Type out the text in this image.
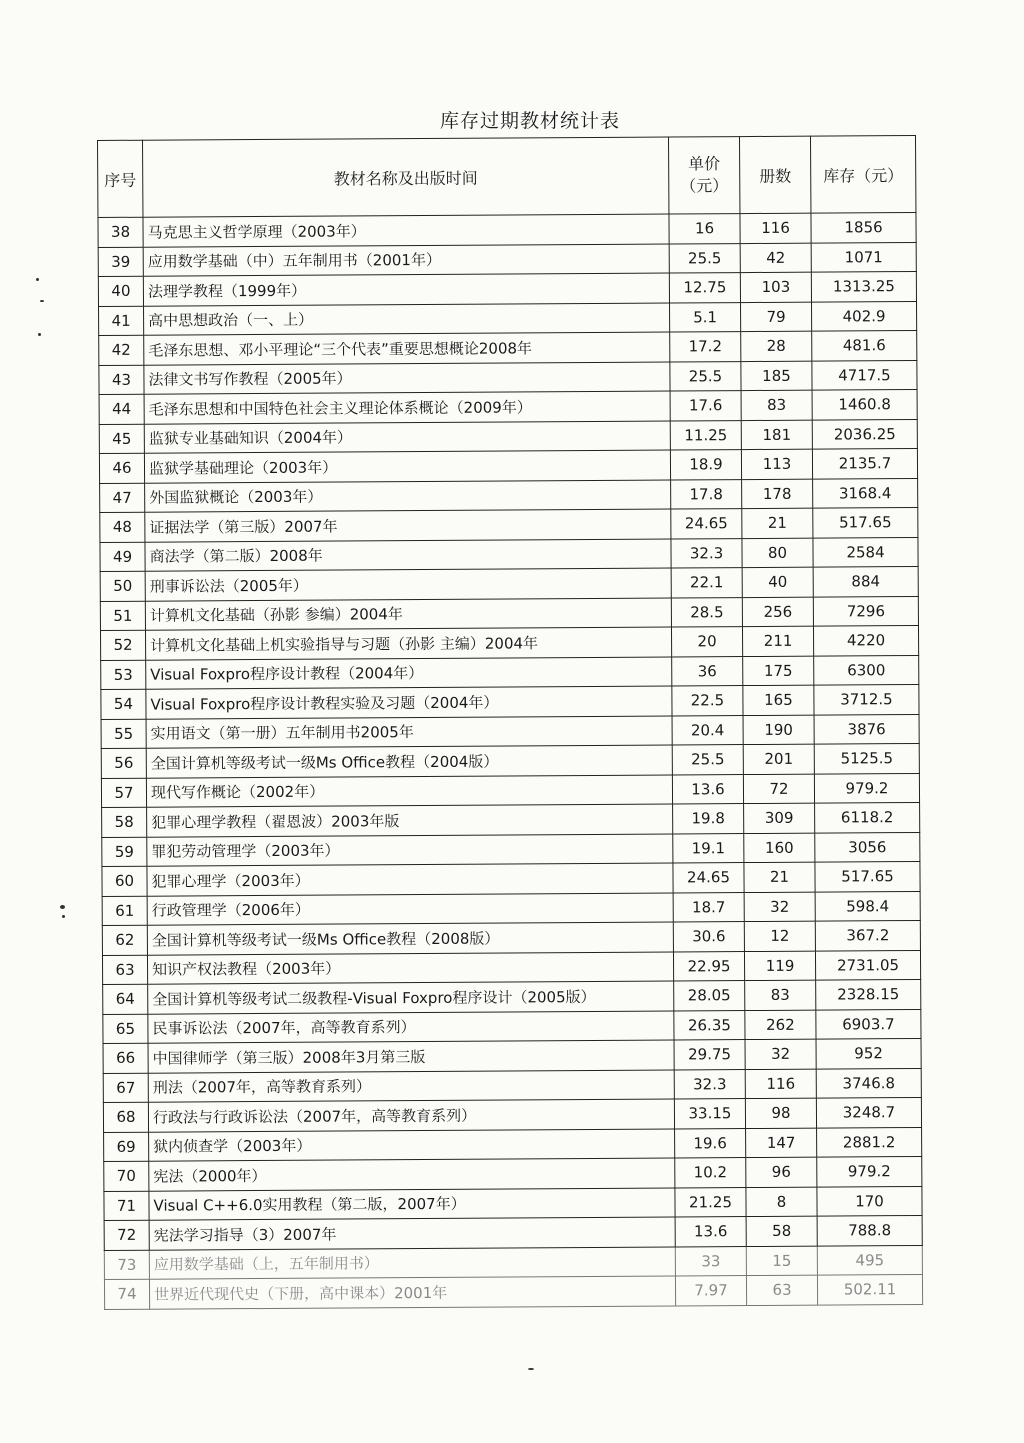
库存过期教材统计表
序号	教材名称及出版时间	单价（元）	册数	库存（元）
38	马克思主义哲学原理（2003年）	16	116	1856
39	应用数学基础（中）五年制用书（2001年）	25.5	42	1071
40	法理学教程（1999年）	12.75	103	1313.25
41	高中思想政治（一、上）	5.1	79	402.9
42	毛泽东思想、邓小平理论“三个代表”重要思想概论2008年	17.2	28	481.6
43	法律文书写作教程（2005年）	25.5	185	4717.5
44	毛泽东思想和中国特色社会主义理论体系概论（2009年）	17.6	83	1460.8
45	监狱专业基础知识（2004年）	11.25	181	2036.25
46	监狱学基础理论（2003年）	18.9	113	2135.7
47	外国监狱概论（2003年）	17.8	178	3168.4
48	证据法学（第三版）2007年	24.65	21	517.65
49	商法学（第二版）2008年	32.3	80	2584
50	刑事诉讼法（2005年）	22.1	40	884
51	计算机文化基础（孙影 参编）2004年	28.5	256	7296
52	计算机文化基础上机实验指导与习题（孙影 主编）2004年	20	211	4220
53	Visual Foxpro程序设计教程（2004年）	36	175	6300
54	Visual Foxpro程序设计教程实验及习题（2004年）	22.5	165	3712.5
55	实用语文（第一册）五年制用书2005年	20.4	190	3876
56	全国计算机等级考试一级Ms Office教程（2004版）	25.5	201	5125.5
57	现代写作概论（2002年）	13.6	72	979.2
58	犯罪心理学教程（翟恩波）2003年版	19.8	309	6118.2
59	罪犯劳动管理学（2003年）	19.1	160	3056
60	犯罪心理学（2003年）	24.65	21	517.65
61	行政管理学（2006年）	18.7	32	598.4
62	全国计算机等级考试一级Ms Office教程（2008版）	30.6	12	367.2
63	知识产权法教程（2003年）	22.95	119	2731.05
64	全国计算机等级考试二级教程-Visual Foxpro程序设计（2005版）	28.05	83	2328.15
65	民事诉讼法（2007年，高等教育系列）	26.35	262	6903.7
66	中国律师学（第三版）2008年3月第三版	29.75	32	952
67	刑法（2007年，高等教育系列）	32.3	116	3746.8
68	行政法与行政诉讼法（2007年，高等教育系列）	33.15	98	3248.7
69	狱内侦查学（2003年）	19.6	147	2881.2
70	宪法（2000年）	10.2	96	979.2
71	Visual C++6.0实用教程（第二版，2007年）	21.25	8	170
72	宪法学习指导（3）2007年	13.6	58	788.8
73	应用数学基础（上，五年制用书）	33	15	495
74	世界近代现代史（下册，高中课本）2001年	7.97	63	502.11
